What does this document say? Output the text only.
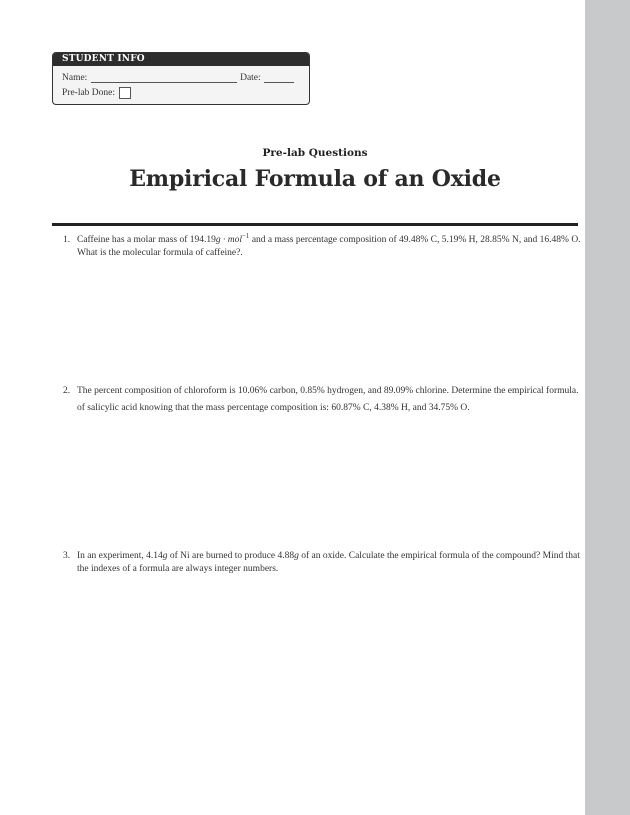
STUDENT INFO
Name:	Date:
Pre-lab Done:
Pre-lab Questions
Empirical Formula of an Oxide
1. Caffeine has a molar mass of 194.19g · mol$^{-1}$ and a mass percentage composition of 49.48% C, 5.19% H, 28.85% N, and 16.48% O. What is the molecular formula of caffeine?.
2. The percent composition of chloroform is 10.06% carbon, 0.85% hydrogen, and 89.09% chlorine. Determine the empirical formula.
of salicylic acid knowing that the mass percentage composition is: 60.87% C, 4.38% H, and 34.75% O.
3. In an experiment, 4.14g of Ni are burned to produce 4.88g of an oxide. Calculate the empirical formula of the compound? Mind that the indexes of a formula are always integer numbers.
